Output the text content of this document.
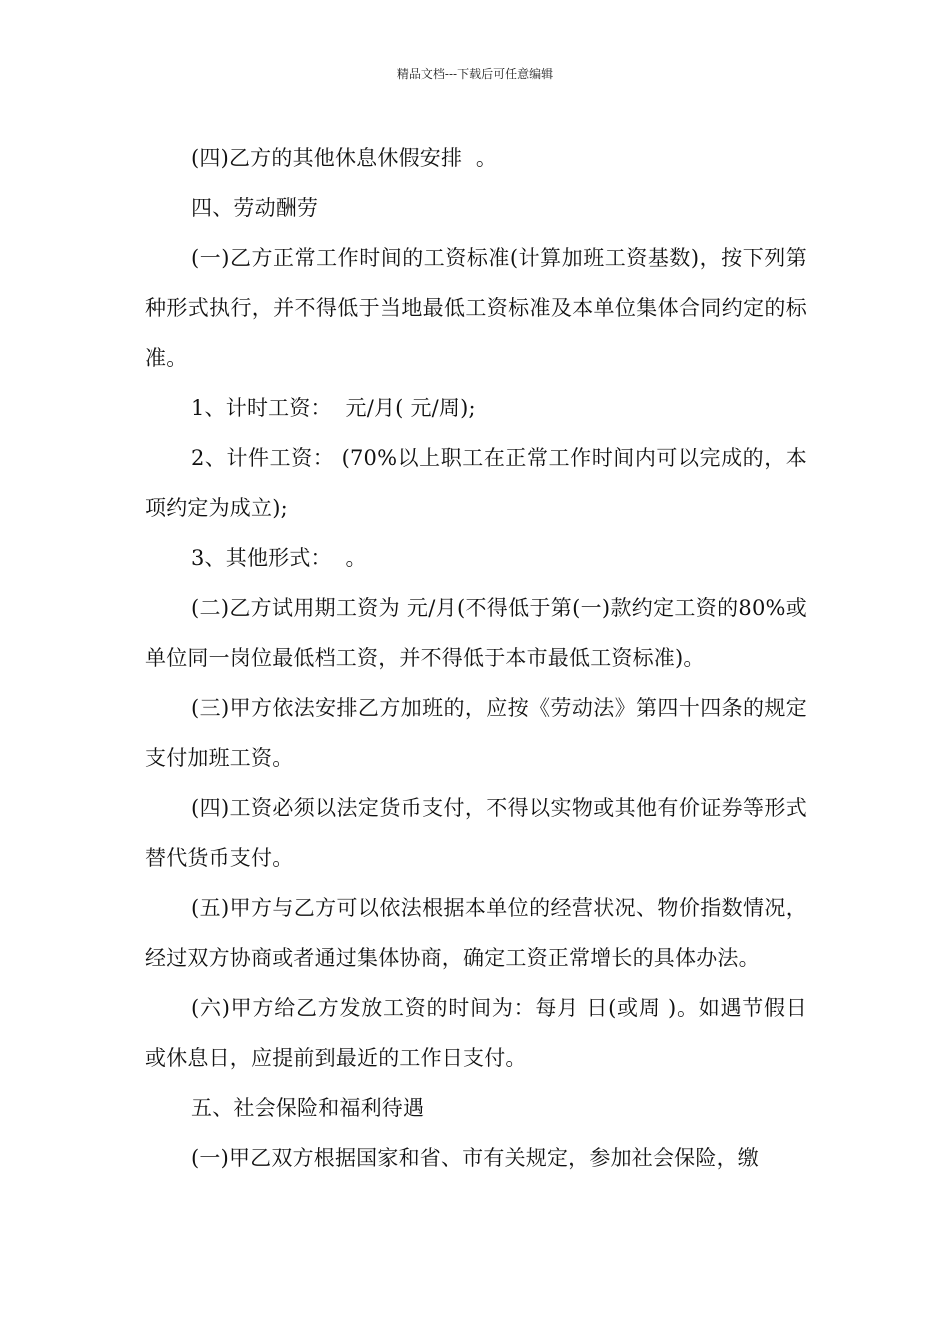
精品文档---下载后可任意编辑

(四)乙方的其他休息休假安排  。

四、劳动酬劳

(一)乙方正常工作时间的工资标准(计算加班工资基数)，按下列第 种形式执行，并不得低于当地最低工资标准及本单位集体合同约定的标准。

1、计时工资：  元/月( 元/周);

2、计件工资： (70%以上职工在正常工作时间内可以完成的，本项约定为成立);

3、其他形式：  。

(二)乙方试用期工资为 元/月(不得低于第(一)款约定工资的80%或单位同一岗位最低档工资，并不得低于本市最低工资标准)。

(三)甲方依法安排乙方加班的，应按《劳动法》第四十四条的规定支付加班工资。

(四)工资必须以法定货币支付，不得以实物或其他有价证券等形式替代货币支付。

(五)甲方与乙方可以依法根据本单位的经营状况、物价指数情况，经过双方协商或者通过集体协商，确定工资正常增长的具体办法。

(六)甲方给乙方发放工资的时间为：每月 日(或周 )。如遇节假日或休息日，应提前到最近的工作日支付。

五、社会保险和福利待遇

(一)甲乙双方根据国家和省、市有关规定，参加社会保险，缴
